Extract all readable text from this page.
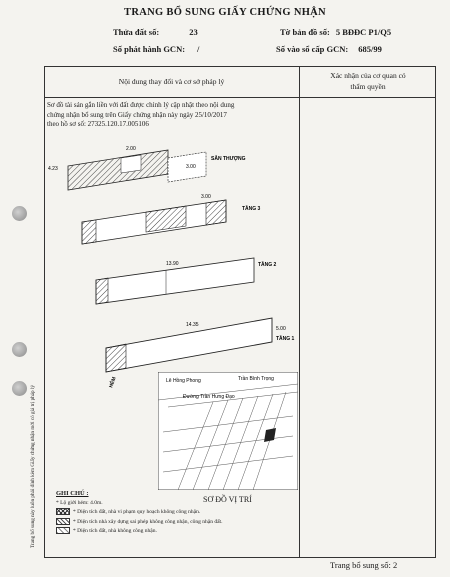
TRANG BỔ SUNG GIẤY CHỨNG NHẬN
Thửa đất số:	23	Tờ bản đồ số: 5 BĐĐC P1/Q5
Số phát hành GCN: /	Số vào sổ cấp GCN: 685/99
Nội dung thay đổi và cơ sở pháp lý
Xác nhận của cơ quan có
thẩm quyền
Sơ đồ tài sản gắn liền với đất được chỉnh lý cập nhật theo nội dung
chứng nhận bổ sung trên Giấy chứng nhận này ngày 25/10/2017
theo hồ sơ số: 27325.120.17.005106
2.00
4.23	3.00
SÂN THƯỢNG
3.00
TẦNG 3
13.90	TẦNG 2
14.35
5.00
TẦNG 1
HẺM	Lê Hồng Phong	Trần Bình Trọng
Đường Trần Hưng Đạo
SƠ ĐỒ VỊ TRÍ
GHI CHÚ :
* Lộ giới hẻm: 4.0m.
* Diện tích đất, nhà vi phạm quy hoạch không công nhận.
* Diện tích nhà xây dựng sai phép không công nhận, công nhận đất.
* Diện tích đất, nhà không công nhận.
Trang bổ sung này luôn phải đính kèm Giấy chứng nhận mới có giá trị pháp lý
Trang bổ sung số: 2
